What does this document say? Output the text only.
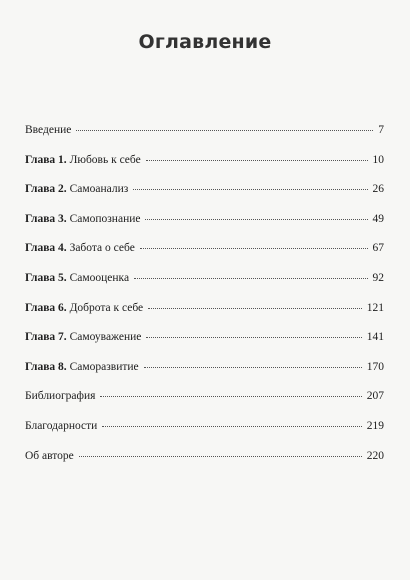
Оглавление
Введение	7
Глава 1. Любовь к себе	10
Глава 2. Самоанализ	26
Глава 3. Самопознание	49
Глава 4. Забота о себе	67
Глава 5. Самооценка	92
Глава 6. Доброта к себе	121
Глава 7. Самоуважение	141
Глава 8. Саморазвитие	170
Библиография	207
Благодарности	219
Об авторе	220
